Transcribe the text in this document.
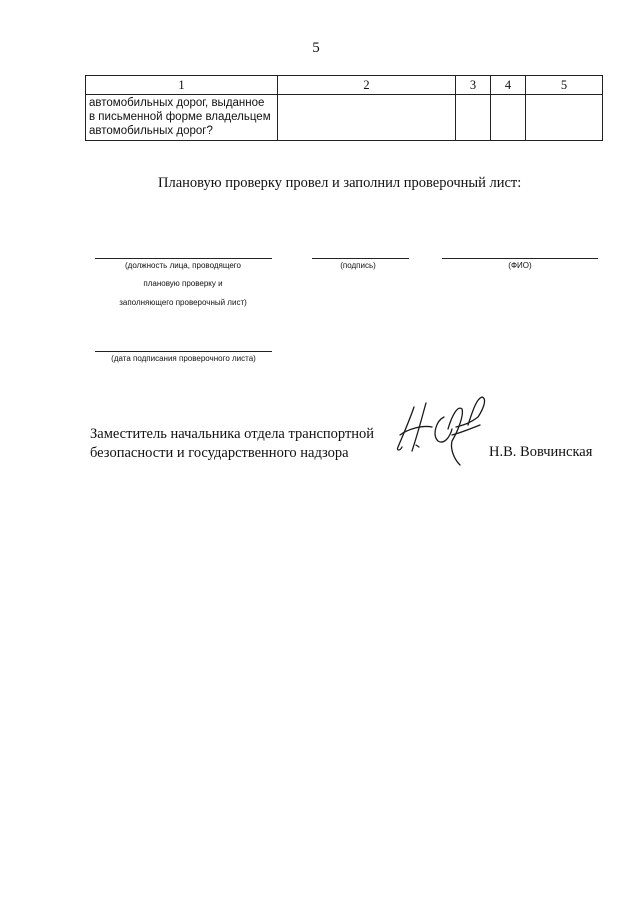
5
1	2	3	4	5

автомобильных дорог, выданное
в письменной форме владельцем
автомобильных дорог?				

Плановую проверку провел и заполнил проверочный лист:
(должность лица, проводящего
плановую проверку и
заполняющего проверочный лист)
(подпись)	(ФИО)
(дата подписания проверочного листа)
Заместитель начальника отдела транспортной
безопасности и государственного надзора	Н.В. Вовчинская
